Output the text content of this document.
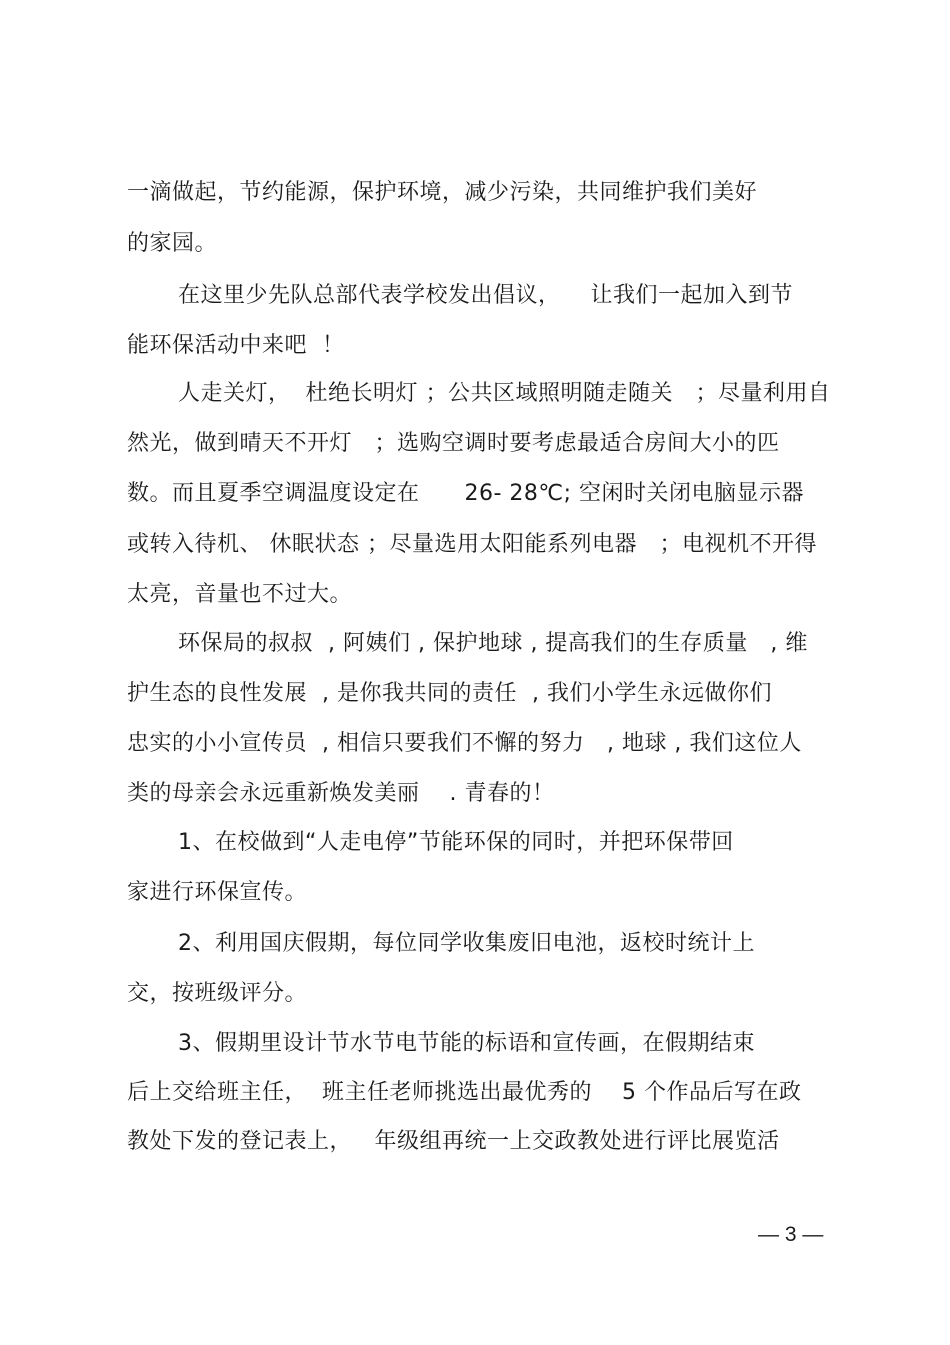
一滴做起，节约能源，保护环境，减少污染，共同维护我们美好
的家园。
在这里少先队总部代表学校发出倡议，    让我们一起加入到节
能环保活动中来吧  ！
人走关灯，  杜绝长明灯 ；公共区域照明随走随关   ；尽量利用自
然光，做到晴天不开灯   ；选购空调时要考虑最适合房间大小的匹
数。而且夏季空调温度设定在      26- 28℃; 空闲时关闭电脑显示器
或转入待机、 休眠状态 ；尽量选用太阳能系列电器   ；电视机不开得
太亮，音量也不过大。
环保局的叔叔  , 阿姨们 , 保护地球 , 提高我们的生存质量   , 维
护生态的良性发展  , 是你我共同的责任  , 我们小学生永远做你们
忠实的小小宣传员  , 相信只要我们不懈的努力   , 地球 , 我们这位人
类的母亲会永远重新焕发美丽    . 青春的！
1、在校做到“人走电停”节能环保的同时，并把环保带回
家进行环保宣传。
2、利用国庆假期，每位同学收集废旧电池，返校时统计上
交，按班级评分。
3、假期里设计节水节电节能的标语和宣传画，在假期结束
后上交给班主任，  班主任老师挑选出最优秀的    5 个作品后写在政
教处下发的登记表上，   年级组再统一上交政教处进行评比展览活
— 3 —
